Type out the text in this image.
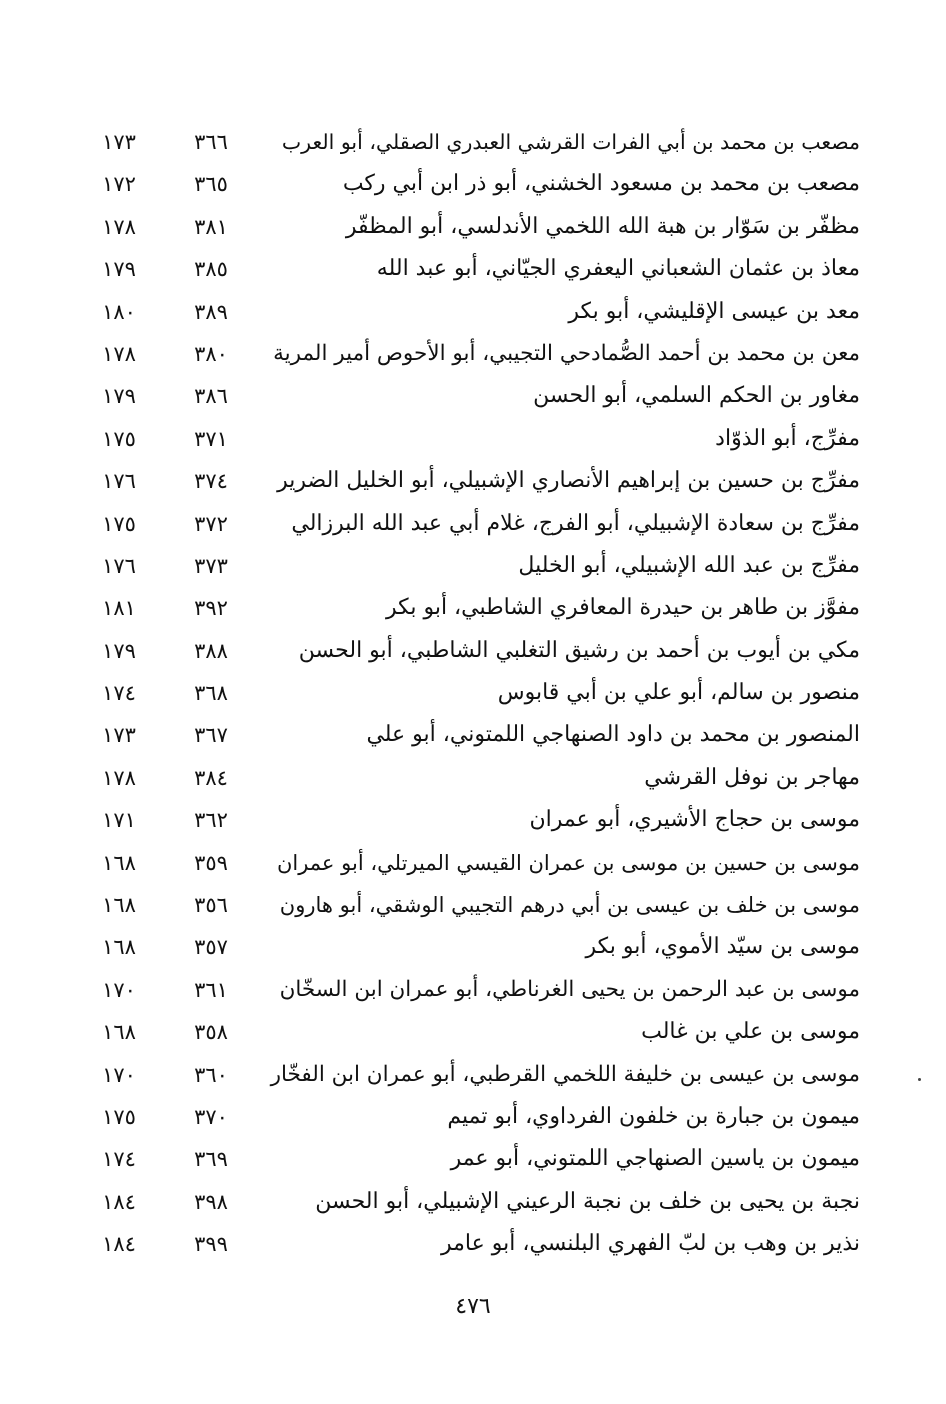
مصعب بن محمد بن أبي الفرات القرشي العبدري الصقلي، أبو العرب
٣٦٦
١٧٣
مصعب بن محمد بن مسعود الخشني، أبو ذر ابن أبي ركب
٣٦٥
١٧٢
مظفّر بن سَوّار بن هبة الله اللخمي الأندلسي، أبو المظفّر
٣٨١
١٧٨
معاذ بن عثمان الشعباني اليعفري الجيّاني، أبو عبد الله
٣٨٥
١٧٩
معد بن عيسى الإقليشي، أبو بكر
٣٨٩
١٨٠
معن بن محمد بن أحمد الصُّمادحي التجيبي، أبو الأحوص أمير المرية
٣٨٠
١٧٨
مغاور بن الحكم السلمي، أبو الحسن
٣٨٦
١٧٩
مفرِّج، أبو الذوّاد
٣٧١
١٧٥
مفرِّج بن حسين بن إبراهيم الأنصاري الإشبيلي، أبو الخليل الضرير
٣٧٤
١٧٦
مفرِّج بن سعادة الإشبيلي، أبو الفرج، غلام أبي عبد الله البرزالي
٣٧٢
١٧٥
مفرِّج بن عبد الله الإشبيلي، أبو الخليل
٣٧٣
١٧٦
مفوَّز بن طاهر بن حيدرة المعافري الشاطبي، أبو بكر
٣٩٢
١٨١
مكي بن أيوب بن أحمد بن رشيق التغلبي الشاطبي، أبو الحسن
٣٨٨
١٧٩
منصور بن سالم، أبو علي بن أبي قابوس
٣٦٨
١٧٤
المنصور بن محمد بن داود الصنهاجي اللمتوني، أبو علي
٣٦٧
١٧٣
مهاجر بن نوفل القرشي
٣٨٤
١٧٨
موسى بن حجاج الأشيري، أبو عمران
٣٦٢
١٧١
موسى بن حسين بن موسى بن عمران القيسي الميرتلي، أبو عمران
٣٥٩
١٦٨
موسى بن خلف بن عيسى بن أبي درهم التجيبي الوشقي، أبو هارون
٣٥٦
١٦٨
موسى بن سيّد الأموي، أبو بكر
٣٥٧
١٦٨
موسى بن عبد الرحمن بن يحيى الغرناطي، أبو عمران ابن السخّان
٣٦١
١٧٠
موسى بن علي بن غالب
٣٥٨
١٦٨
موسى بن عيسى بن خليفة اللخمي القرطبي، أبو عمران ابن الفخّار
٣٦٠
١٧٠
ميمون بن جبارة بن خلفون الفرداوي، أبو تميم
٣٧٠
١٧٥
ميمون بن ياسين الصنهاجي اللمتوني، أبو عمر
٣٦٩
١٧٤
نجبة بن يحيى بن خلف بن نجبة الرعيني الإشبيلي، أبو الحسن
٣٩٨
١٨٤
نذير بن وهب بن لبّ الفهري البلنسي، أبو عامر
٣٩٩
١٨٤
٤٧٦
